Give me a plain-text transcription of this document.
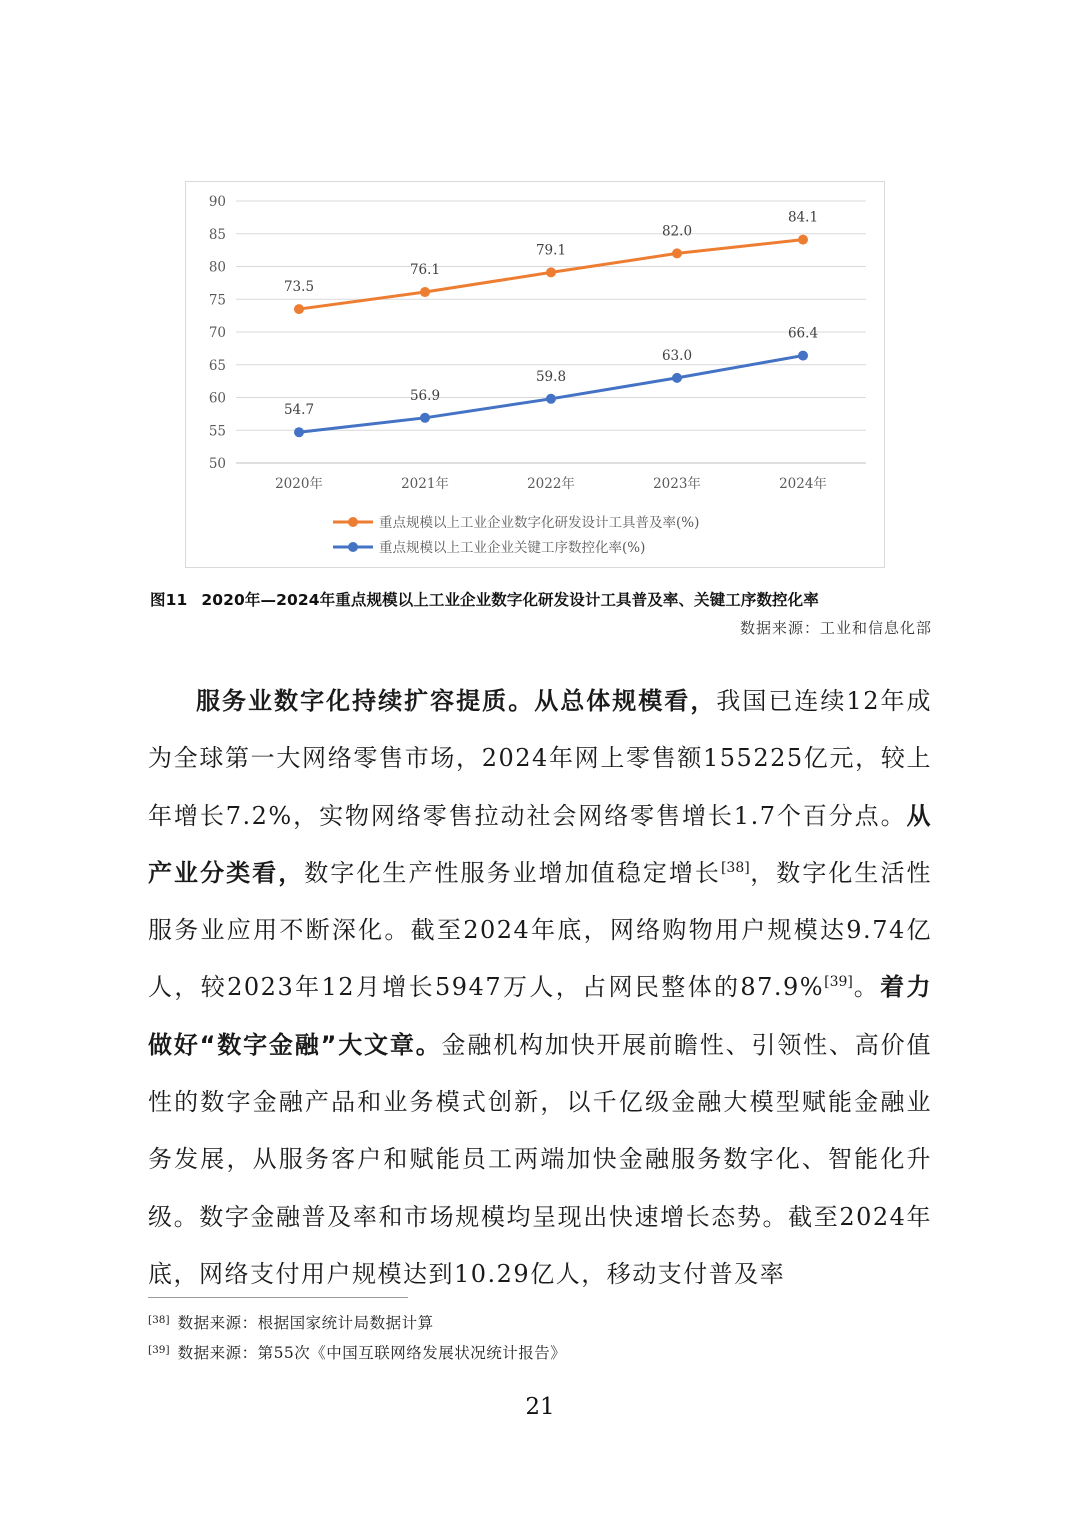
50
55
60
65
70
75
80
85
90
2020年	2021年	2022年	2023年	2024年
73.5
76.1
79.1
82.0
84.1
重点规模以上工业企业数字化研发设计工具普及率(%)
54.7
56.9
59.8
63.0
66.4
重点规模以上工业企业关键工序数控化率(%)
图11 2020年—2024年重点规模以上工业企业数字化研发设计工具普及率、关键工序数控化率
数据来源：工业和信息化部

服务业数字化持续扩容提质。从总体规模看，我国已连续12年成为全球第一大网络零售市场，2024年网上零售额155225亿元，较上年增长7.2%，实物网络零售拉动社会网络零售增长1.7个百分点。从产业分类看，数字化生产性服务业增加值稳定增长[38]，数字化生活性服务业应用不断深化。截至2024年底，网络购物用户规模达9.74亿人，较2023年12月增长5947万人，占网民整体的87.9%[39]。着力做好“数字金融”大文章。金融机构加快开展前瞻性、引领性、高价值性的数字金融产品和业务模式创新，以千亿级金融大模型赋能金融业务发展，从服务客户和赋能员工两端加快金融服务数字化、智能化升级。数字金融普及率和市场规模均呈现出快速增长态势。截至2024年底，网络支付用户规模达到10.29亿人，移动支付普及率

[38] 数据来源：根据国家统计局数据计算
[39] 数据来源：第55次《中国互联网络发展状况统计报告》
21
